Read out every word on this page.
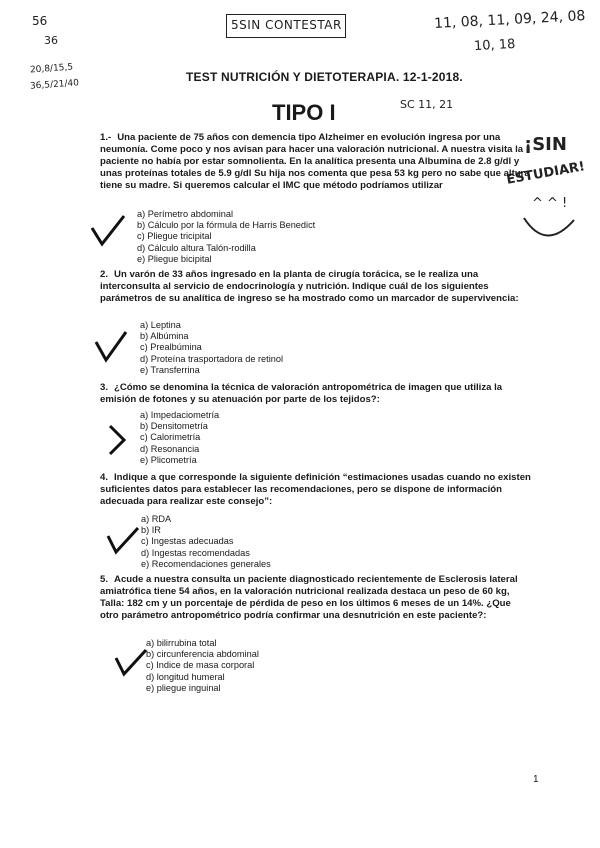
56
36
20,8/15,5
36,5/21/40
5SIN CONTESTAR	11, 08, 11, 09, 24, 08
10, 18
TEST NUTRICIÓN Y DIETOTERAPIA. 12-1-2018.
TIPO I	SC 11, 21
¡SIN
ESTUDIAR!
^ ^ !
1.- Una paciente de 75 años con demencia tipo Alzheimer en evolución ingresa por una neumonía. Come poco y nos avisan para hacer una valoración nutricional. A nuestra visita la paciente no había por estar somnolienta. En la analítica presenta una Albumina de 2.8 g/dl y unas proteínas totales de 5.9 g/dl Su hija nos comenta que pesa 53 kg pero no sabe que altura tiene su madre. Si queremos calcular el IMC que método podríamos utilizar
a) Perímetro abdominal
b) Cálculo por la fórmula de Harris Benedict
c) Pliegue tricipital
d) Cálculo altura Talón-rodilla
e) Pliegue bicipital
2. Un varón de 33 años ingresado en la planta de cirugía torácica, se le realiza una interconsulta al servicio de endocrinología y nutrición. Indique cuál de los siguientes parámetros de su analítica de ingreso se ha mostrado como un marcador de supervivencia:
a) Leptina
b) Albúmina
c) Prealbúmina
d) Proteína trasportadora de retinol
e) Transferrina
3. ¿Cómo se denomina la técnica de valoración antropométrica de imagen que utiliza la emisión de fotones y su atenuación por parte de los tejidos?:
a) Impedaciometría
b) Densitometría
c) Calorimetría
d) Resonancia
e) Plicometría
4. Indique a que corresponde la siguiente definición “estimaciones usadas cuando no existen suficientes datos para establecer las recomendaciones, pero se dispone de información adecuada para realizar este consejo”:
a) RDA
b) IR
c) Ingestas adecuadas
d) Ingestas recomendadas
e) Recomendaciones generales
5. Acude a nuestra consulta un paciente diagnosticado recientemente de Esclerosis lateral amiatrófica tiene 54 años, en la valoración nutricional realizada destaca un peso de 60 kg, Talla: 182 cm y un porcentaje de pérdida de peso en los últimos 6 meses de un 14%. ¿Que otro parámetro antropométrico podría confirmar una desnutrición en este paciente?:
a) bilirrubina total
b) circunferencia abdominal
c) Indice de masa corporal
d) longitud humeral
e) pliegue inguinal
1
